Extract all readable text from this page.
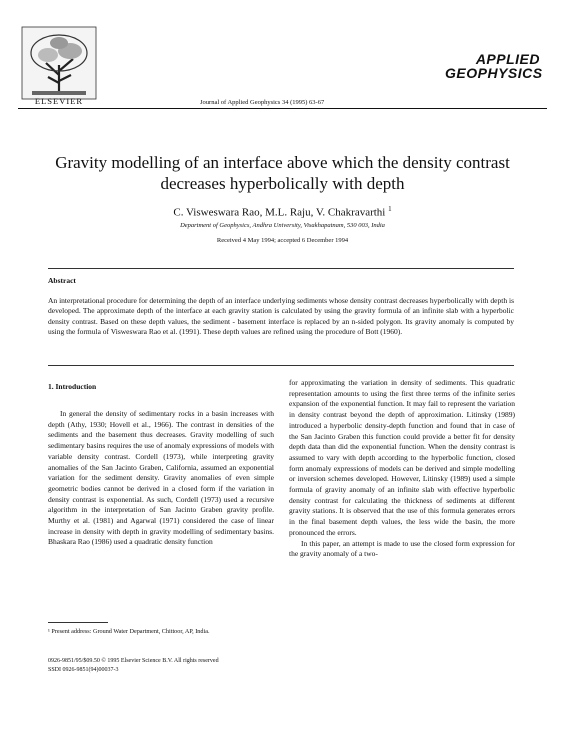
ELSEVIER	Journal of Applied Geophysics 34 (1995) 63-67
APPLIED
GEOPHYSICS
Gravity modelling of an interface above which the density contrast decreases hyperbolically with depth
C. Visweswara Rao, M.L. Raju, V. Chakravarthi $^1$
Department of Geophysics, Andhra University, Visakhapatnam, 530 003, India
Received 4 May 1994; accepted 6 December 1994
Abstract
An interpretational procedure for determining the depth of an interface underlying sediments whose density contrast decreases hyperbolically with depth is developed. The approximate depth of the interface at each gravity station is calculated by using the gravity formula of an infinite slab with a hyperbolic density contrast. Based on these depth values, the sediment - basement interface is replaced by an n-sided polygon. Its gravity anomaly is computed by using the formula of Visweswara Rao et al. (1991). These depth values are refined using the procedure of Bott (1960).
1. Introduction

In general the density of sedimentary rocks in a basin increases with depth (Athy, 1930; Hovell et al., 1966). The contrast in densities of the sediments and the basement thus decreases. Gravity modelling of such sedimentary basins requires the use of anomaly expressions of models with variable density contrast. Cordell (1973), while interpreting gravity anomalies of the San Jacinto Graben, California, assumed an exponential variation for the sediment density. Gravity anomalies of even simple geometric bodies cannot be derived in a closed form if the variation in density contrast is exponential. As such, Cordell (1973) used a recursive algorithm in the interpretation of San Jacinto Graben gravity profile. Murthy et al. (1981) and Agarwal (1971) considered the case of linear increase in density with depth in gravity modelling of sedimentary basins. Bhaskara Rao (1986) used a quadratic density function

for approximating the variation in density of sediments. This quadratic representation amounts to using the first three terms of the infinite series expansion of the exponential function. It may fail to represent the variation in density contrast beyond the depth of approximation. Litinsky (1989) introduced a hyperbolic density-depth function and found that in case of the San Jacinto Graben this function could provide a better fit for density depth data than did the exponential function. When the density contrast is assumed to vary with depth according to the hyperbolic function, closed form anomaly expressions of models can be derived and simple modelling or inversion schemes developed. However, Litinsky (1989) used a simple formula of gravity anomaly of an infinite slab with effective hyperbolic density contrast for calculating the thickness of sediments at different gravity stations. It is observed that the use of this formula generates errors in the final basement depth values, the less wide the basin, the more pronounced the errors.

In this paper, an attempt is made to use the closed form expression for the gravity anomaly of a two-

¹ Present address: Ground Water Department, Chittoor, AP, India.
0926-9851/95/$09.50 © 1995 Elsevier Science B.V. All rights reserved
SSDI 0926-9851(94)00037-3
